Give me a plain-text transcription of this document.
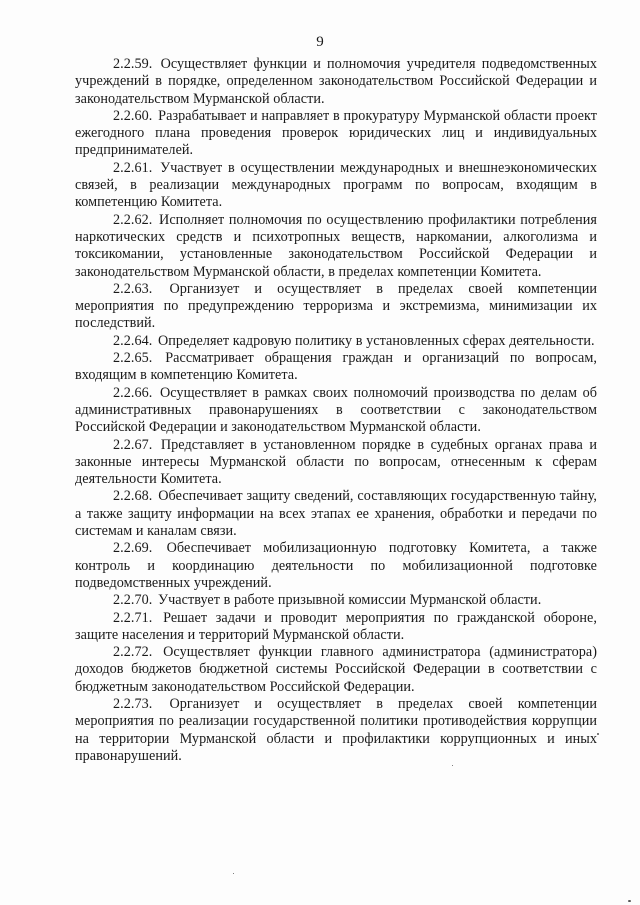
9

2.2.59. Осуществляет функции и полномочия учредителя подведомственных учреждений в порядке, определенном законодательством Российской Федерации и законодательством Мурманской области.

2.2.60. Разрабатывает и направляет в прокуратуру Мурманской области проект ежегодного плана проведения проверок юридических лиц и индивидуальных предпринимателей.

2.2.61. Участвует в осуществлении международных и внешнеэкономических связей, в реализации международных программ по вопросам, входящим в компетенцию Комитета.

2.2.62. Исполняет полномочия по осуществлению профилактики потребления наркотических средств и психотропных веществ, наркомании, алкоголизма и токсикомании, установленные законодательством Российской Федерации и законодательством Мурманской области, в пределах компетенции Комитета.

2.2.63. Организует и осуществляет в пределах своей компетенции мероприятия по предупреждению терроризма и экстремизма, минимизации их последствий.

2.2.64. Определяет кадровую политику в установленных сферах деятельности.

2.2.65. Рассматривает обращения граждан и организаций по вопросам, входящим в компетенцию Комитета.

2.2.66. Осуществляет в рамках своих полномочий производства по делам об административных правонарушениях в соответствии с законодательством Российской Федерации и законодательством Мурманской области.

2.2.67. Представляет в установленном порядке в судебных органах права и законные интересы Мурманской области по вопросам, отнесенным к сферам деятельности Комитета.

2.2.68. Обеспечивает защиту сведений, составляющих государственную тайну, а также защиту информации на всех этапах ее хранения, обработки и передачи по системам и каналам связи.

2.2.69. Обеспечивает мобилизационную подготовку Комитета, а также контроль и координацию деятельности по мобилизационной подготовке подведомственных учреждений.

2.2.70. Участвует в работе призывной комиссии Мурманской области.

2.2.71. Решает задачи и проводит мероприятия по гражданской обороне, защите населения и территорий Мурманской области.

2.2.72. Осуществляет функции главного администратора (администратора) доходов бюджетов бюджетной системы Российской Федерации в соответствии с бюджетным законодательством Российской Федерации.

2.2.73. Организует и осуществляет в пределах своей компетенции мероприятия по реализации государственной политики противодействия коррупции на территории Мурманской области и профилактики коррупционных и иных правонарушений.
